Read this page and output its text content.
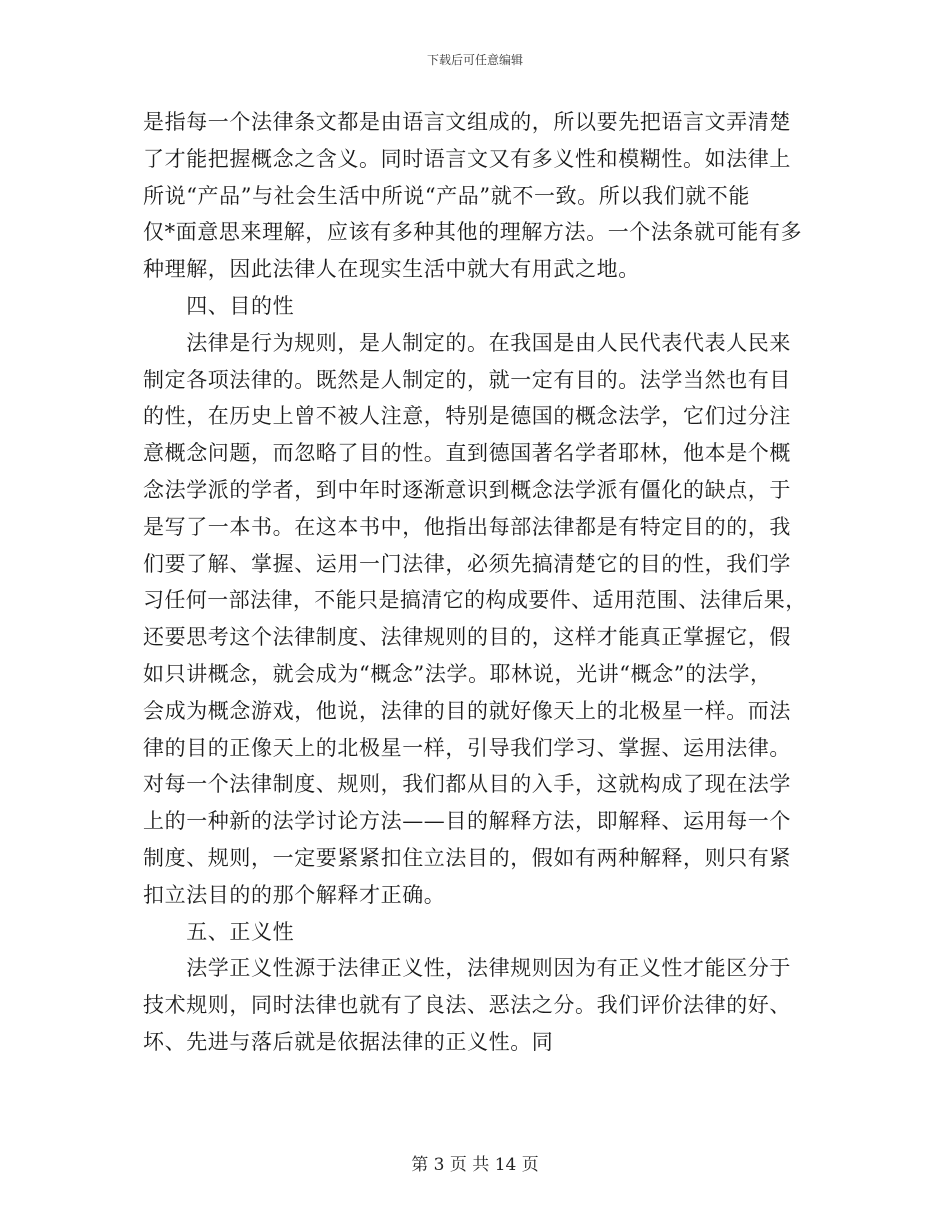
下载后可任意编辑
是指每一个法律条文都是由语言文组成的，所以要先把语言文弄清楚
了才能把握概念之含义。同时语言文又有多义性和模糊性。如法律上
所说“产品”与社会生活中所说“产品”就不一致。所以我们就不能
仅*面意思来理解，应该有多种其他的理解方法。一个法条就可能有多
种理解，因此法律人在现实生活中就大有用武之地。
　　四、目的性
　　法律是行为规则，是人制定的。在我国是由人民代表代表人民来
制定各项法律的。既然是人制定的，就一定有目的。法学当然也有目
的性，在历史上曾不被人注意，特别是德国的概念法学，它们过分注
意概念问题，而忽略了目的性。直到德国著名学者耶林，他本是个概
念法学派的学者，到中年时逐渐意识到概念法学派有僵化的缺点，于
是写了一本书。在这本书中，他指出每部法律都是有特定目的的，我
们要了解、掌握、运用一门法律，必须先搞清楚它的目的性，我们学
习任何一部法律，不能只是搞清它的构成要件、适用范围、法律后果，
还要思考这个法律制度、法律规则的目的，这样才能真正掌握它，假
如只讲概念，就会成为“概念”法学。耶林说，光讲“概念”的法学，
会成为概念游戏，他说，法律的目的就好像天上的北极星一样。而法
律的目的正像天上的北极星一样，引导我们学习、掌握、运用法律。
对每一个法律制度、规则，我们都从目的入手，这就构成了现在法学
上的一种新的法学讨论方法——目的解释方法，即解释、运用每一个
制度、规则，一定要紧紧扣住立法目的，假如有两种解释，则只有紧
扣立法目的的那个解释才正确。
　　五、正义性
　　法学正义性源于法律正义性，法律规则因为有正义性才能区分于
技术规则，同时法律也就有了良法、恶法之分。我们评价法律的好、
坏、先进与落后就是依据法律的正义性。同
第 3 页 共 14 页
